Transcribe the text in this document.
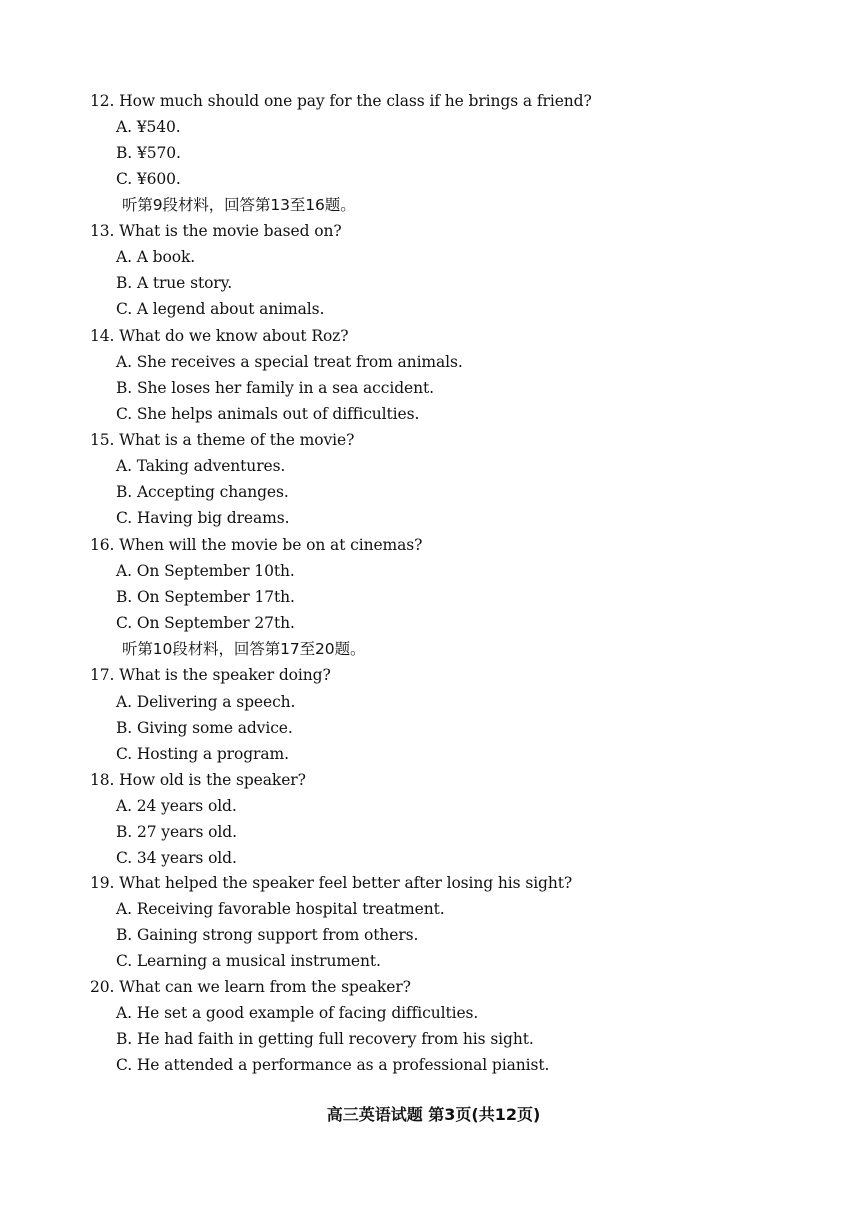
12. How much should one pay for the class if he brings a friend?
A. ¥540.
B. ¥570.
C. ¥600.
听第9段材料，回答第13至16题。
13. What is the movie based on?
A. A book.
B. A true story.
C. A legend about animals.
14. What do we know about Roz?
A. She receives a special treat from animals.
B. She loses her family in a sea accident.
C. She helps animals out of difficulties.
15. What is a theme of the movie?
A. Taking adventures.
B. Accepting changes.
C. Having big dreams.
16. When will the movie be on at cinemas?
A. On September 10th.
B. On September 17th.
C. On September 27th.
听第10段材料，回答第17至20题。
17. What is the speaker doing?
A. Delivering a speech.
B. Giving some advice.
C. Hosting a program.
18. How old is the speaker?
A. 24 years old.
B. 27 years old.
C. 34 years old.
19. What helped the speaker feel better after losing his sight?
A. Receiving favorable hospital treatment.
B. Gaining strong support from others.
C. Learning a musical instrument.
20. What can we learn from the speaker?
A. He set a good example of facing difficulties.
B. He had faith in getting full recovery from his sight.
C. He attended a performance as a professional pianist.
高三英语试题 第3页(共12页)
